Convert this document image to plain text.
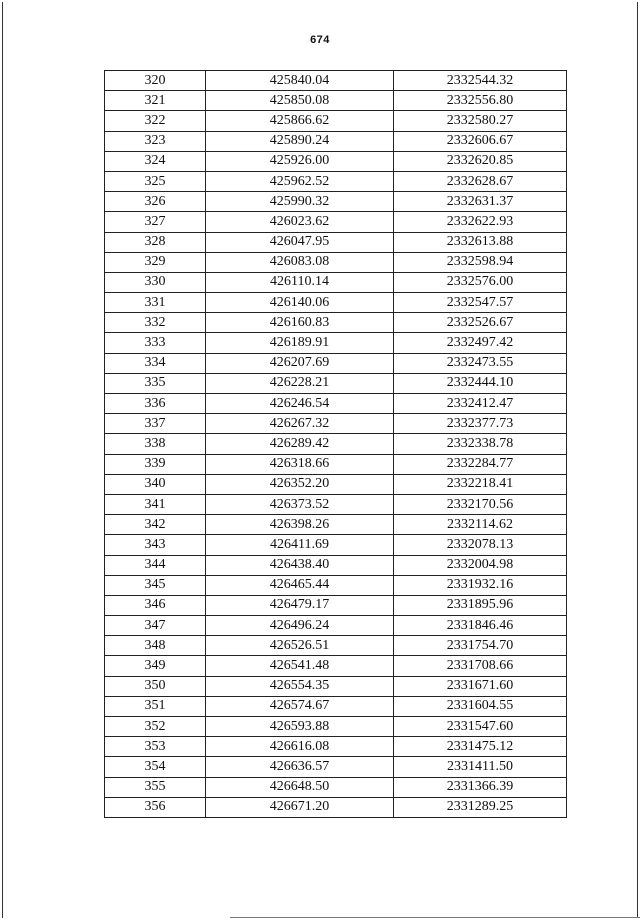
674
320	425840.04	2332544.32
321	425850.08	2332556.80
322	425866.62	2332580.27
323	425890.24	2332606.67
324	425926.00	2332620.85
325	425962.52	2332628.67
326	425990.32	2332631.37
327	426023.62	2332622.93
328	426047.95	2332613.88
329	426083.08	2332598.94
330	426110.14	2332576.00
331	426140.06	2332547.57
332	426160.83	2332526.67
333	426189.91	2332497.42
334	426207.69	2332473.55
335	426228.21	2332444.10
336	426246.54	2332412.47
337	426267.32	2332377.73
338	426289.42	2332338.78
339	426318.66	2332284.77
340	426352.20	2332218.41
341	426373.52	2332170.56
342	426398.26	2332114.62
343	426411.69	2332078.13
344	426438.40	2332004.98
345	426465.44	2331932.16
346	426479.17	2331895.96
347	426496.24	2331846.46
348	426526.51	2331754.70
349	426541.48	2331708.66
350	426554.35	2331671.60
351	426574.67	2331604.55
352	426593.88	2331547.60
353	426616.08	2331475.12
354	426636.57	2331411.50
355	426648.50	2331366.39
356	426671.20	2331289.25
